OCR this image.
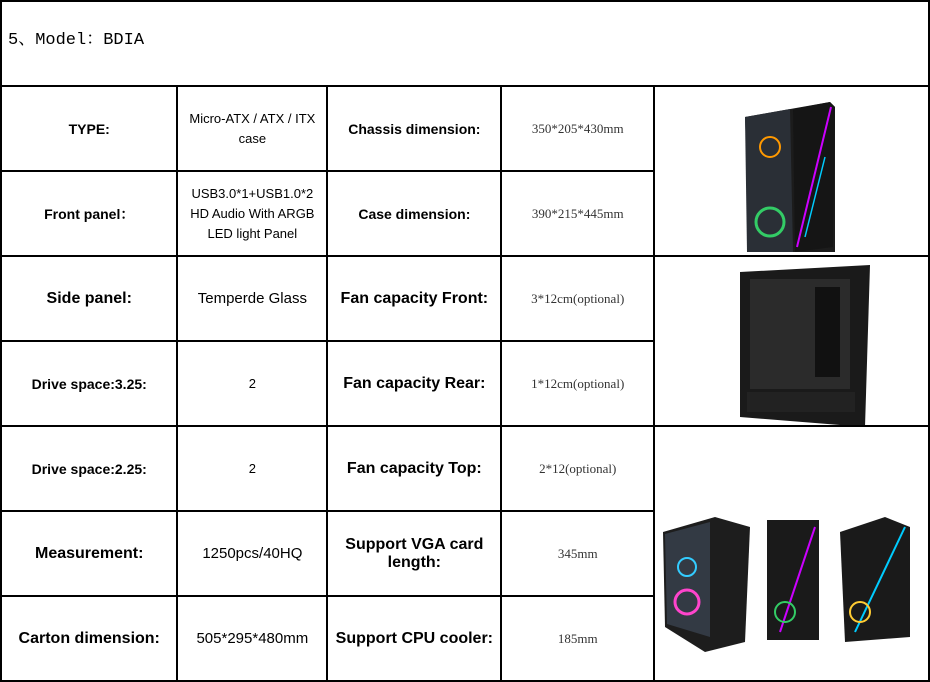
5、Model：BDIA
TYPE:	Micro-ATX / ATX / ITX case	Chassis dimension:	350*205*430mm	

Front panel：	USB3.0*1+USB1.0*2 HD Audio With ARGB LED light Panel	Case dimension:	390*215*445mm	
Side panel:	Temperde Glass	Fan capacity Front:	3*12cm(optional)	

Drive space:3.25:	2	Fan capacity Rear:	1*12cm(optional)	
Drive space:2.25:	2	Fan capacity Top:	2*12(optional)	

Measurement:	1250pcs/40HQ	Support VGA card length:	345mm	
Carton dimension:	505*295*480mm	Support CPU cooler:	185mm	
